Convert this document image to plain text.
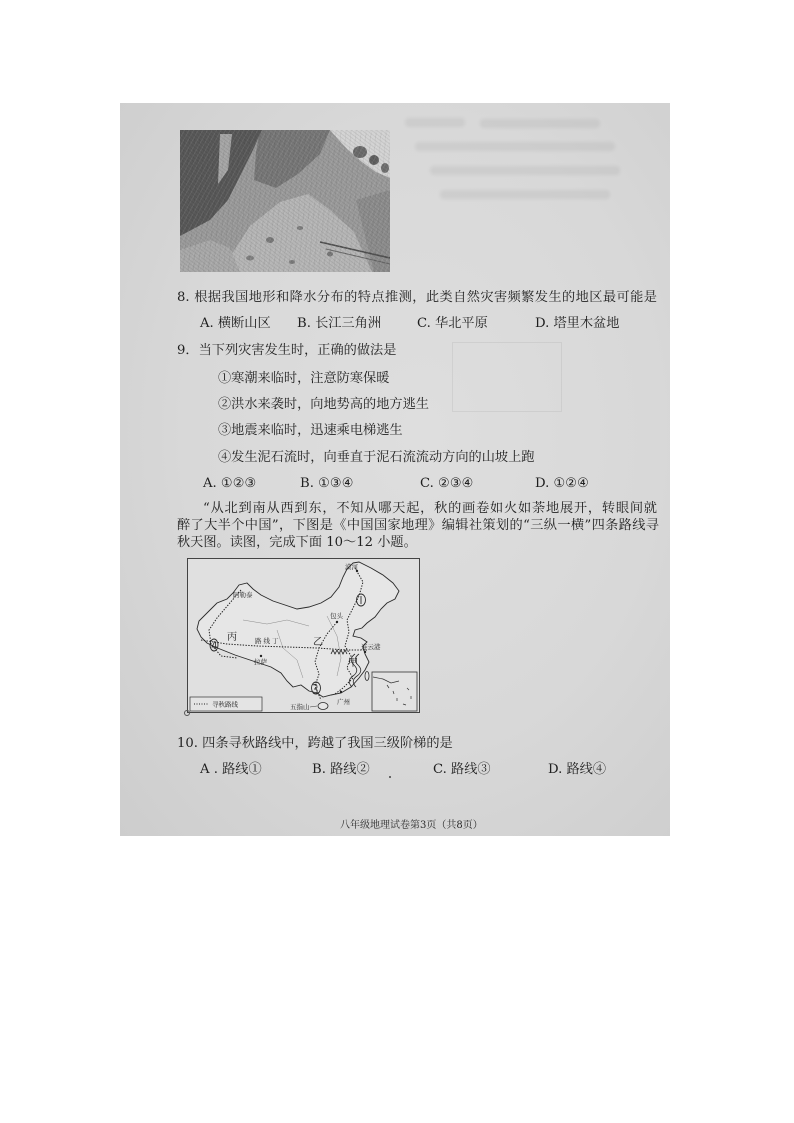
8. 根据我国地形和降水分布的特点推测，此类自然灾害频繁发生的地区最可能是
A. 横断山区 B. 长江三角洲	C. 华北平原	D. 塔里木盆地
9．当下列灾害发生时，正确的做法是
①寒潮来临时，注意防寒保暖
②洪水来袭时，向地势高的地方逃生
③地震来临时，迅速乘电梯逃生
④发生泥石流时，向垂直于泥石流流动方向的山坡上跑
A. ①②③	B. ①③④	C. ②③④	D. ①②④
“从北到南从西到东，不知从哪天起，秋的画卷如火如荼地展开，转眼间就
醉了大半个中国”，下图是《中国国家地理》编辑社策划的“三纵一横”四条路线寻
秋天图。读图，完成下面 10～12 小题。
漠河
阿勒泰
包头
路线丁	乙	连云港
甲
丙
拉萨
广州
五指山
寻秋路线
10. 四条寻秋路线中，跨越了我国三级阶梯的是
A . 路线①	B. 路线②	C. 路线③	D. 路线④
八年级地理试卷第3页（共8页）
